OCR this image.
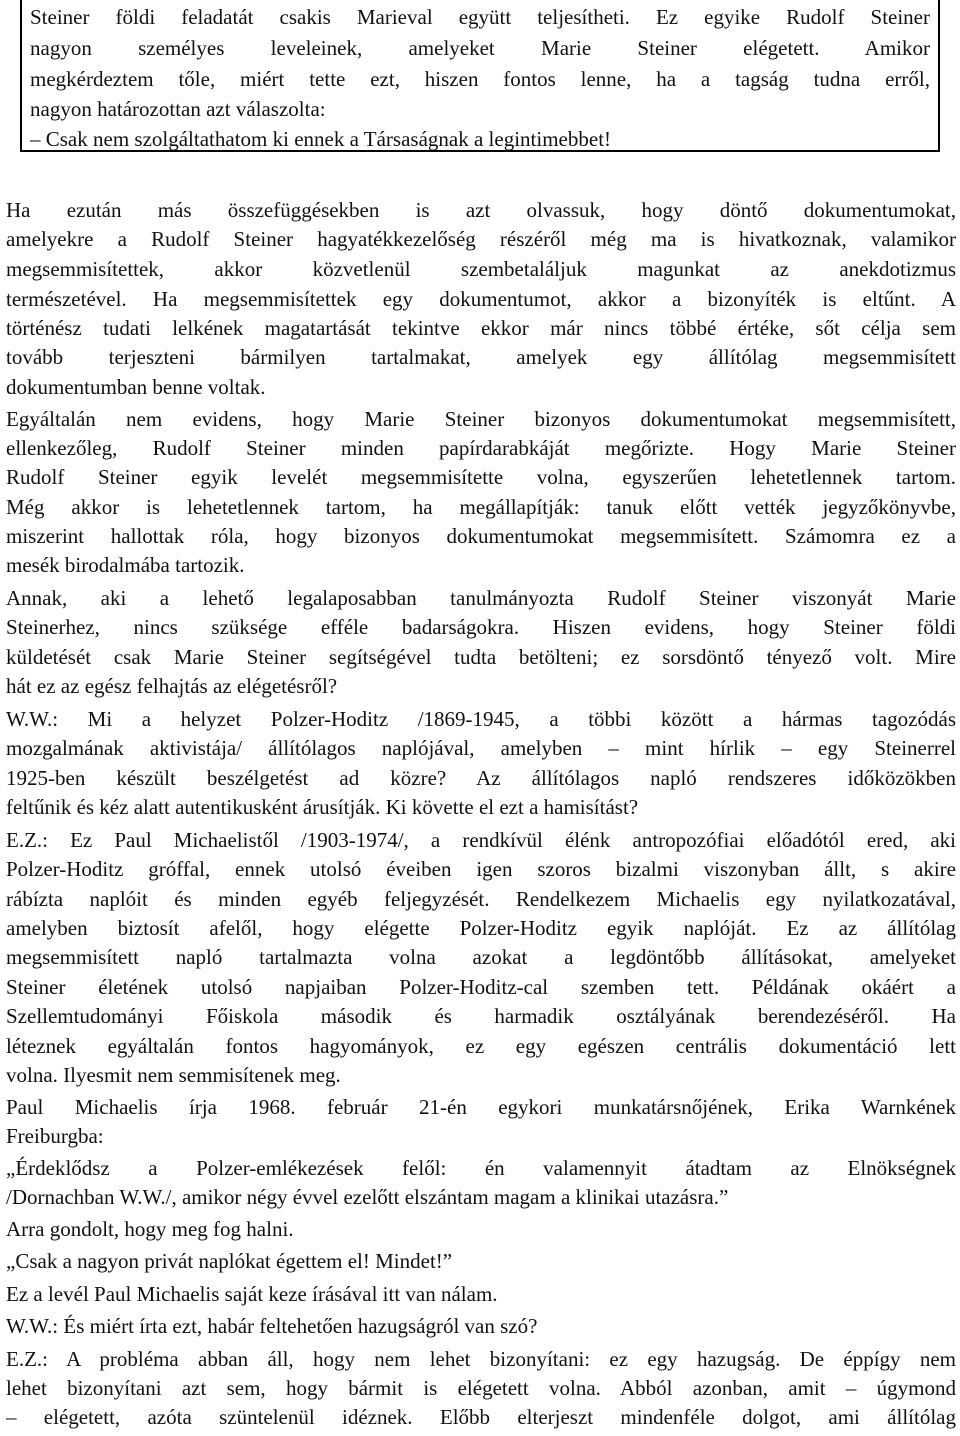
Steiner földi feladatát csakis Marieval együtt teljesítheti. Ez egyike Rudolf Steiner
nagyon személyes leveleinek, amelyeket Marie Steiner elégetett. Amikor
megkérdeztem tőle, miért tette ezt, hiszen fontos lenne, ha a tagság tudna erről,
nagyon határozottan azt válaszolta:
– Csak nem szolgáltathatom ki ennek a Társaságnak a legintimebbet!
Ha ezután más összefüggésekben is azt olvassuk, hogy döntő dokumentumokat,
amelyekre a Rudolf Steiner hagyatékkezelőség részéről még ma is hivatkoznak, valamikor
megsemmisítettek, akkor közvetlenül szembetaláljuk magunkat az anekdotizmus
természetével. Ha megsemmisítettek egy dokumentumot, akkor a bizonyíték is eltűnt. A
történész tudati lelkének magatartását tekintve ekkor már nincs többé értéke, sőt célja sem
tovább terjeszteni bármilyen tartalmakat, amelyek egy állítólag megsemmisített
dokumentumban benne voltak.
Egyáltalán nem evidens, hogy Marie Steiner bizonyos dokumentumokat megsemmisített,
ellenkezőleg, Rudolf Steiner minden papírdarabkáját megőrizte. Hogy Marie Steiner
Rudolf Steiner egyik levelét megsemmisítette volna, egyszerűen lehetetlennek tartom.
Még akkor is lehetetlennek tartom, ha megállapítják: tanuk előtt vették jegyzőkönyvbe,
miszerint hallottak róla, hogy bizonyos dokumentumokat megsemmisített. Számomra ez a
mesék birodalmába tartozik.
Annak, aki a lehető legalaposabban tanulmányozta Rudolf Steiner viszonyát Marie
Steinerhez, nincs szüksége efféle badarságokra. Hiszen evidens, hogy Steiner földi
küldetését csak Marie Steiner segítségével tudta betölteni; ez sorsdöntő tényező volt. Mire
hát ez az egész felhajtás az elégetésről?
W.W.: Mi a helyzet Polzer-Hoditz /1869-1945, a többi között a hármas tagozódás
mozgalmának aktivistája/ állítólagos naplójával, amelyben – mint hírlik – egy Steinerrel
1925-ben készült beszélgetést ad közre? Az állítólagos napló rendszeres időközökben
feltűnik és kéz alatt autentikusként árusítják. Ki követte el ezt a hamisítást?
E.Z.: Ez Paul Michaelistől /1903-1974/, a rendkívül élénk antropozófiai előadótól ered, aki
Polzer-Hoditz gróffal, ennek utolsó éveiben igen szoros bizalmi viszonyban állt, s akire
rábízta naplóit és minden egyéb feljegyzését. Rendelkezem Michaelis egy nyilatkozatával,
amelyben biztosít afelől, hogy elégette Polzer-Hoditz egyik naplóját. Ez az állítólag
megsemmisített napló tartalmazta volna azokat a legdöntőbb állításokat, amelyeket
Steiner életének utolsó napjaiban Polzer-Hoditz-cal szemben tett. Példának okáért a
Szellemtudományi Főiskola második és harmadik osztályának berendezéséről. Ha
léteznek egyáltalán fontos hagyományok, ez egy egészen centrális dokumentáció lett
volna. Ilyesmit nem semmisítenek meg.
Paul Michaelis írja 1968. február 21-én egykori munkatársnőjének, Erika Warnkének
Freiburgba:
„Érdeklődsz a Polzer-emlékezések felől: én valamennyit átadtam az Elnökségnek
/Dornachban W.W./, amikor négy évvel ezelőtt elszántam magam a klinikai utazásra.”
Arra gondolt, hogy meg fog halni.
„Csak a nagyon privát naplókat égettem el! Mindet!”
Ez a levél Paul Michaelis saját keze írásával itt van nálam.
W.W.: És miért írta ezt, habár feltehetően hazugságról van szó?
E.Z.: A probléma abban áll, hogy nem lehet bizonyítani: ez egy hazugság. De éppígy nem
lehet bizonyítani azt sem, hogy bármit is elégetett volna. Abból azonban, amit – úgymond
– elégetett, azóta szüntelenül idéznek. Előbb elterjeszt mindenféle dolgot, ami állítólag
